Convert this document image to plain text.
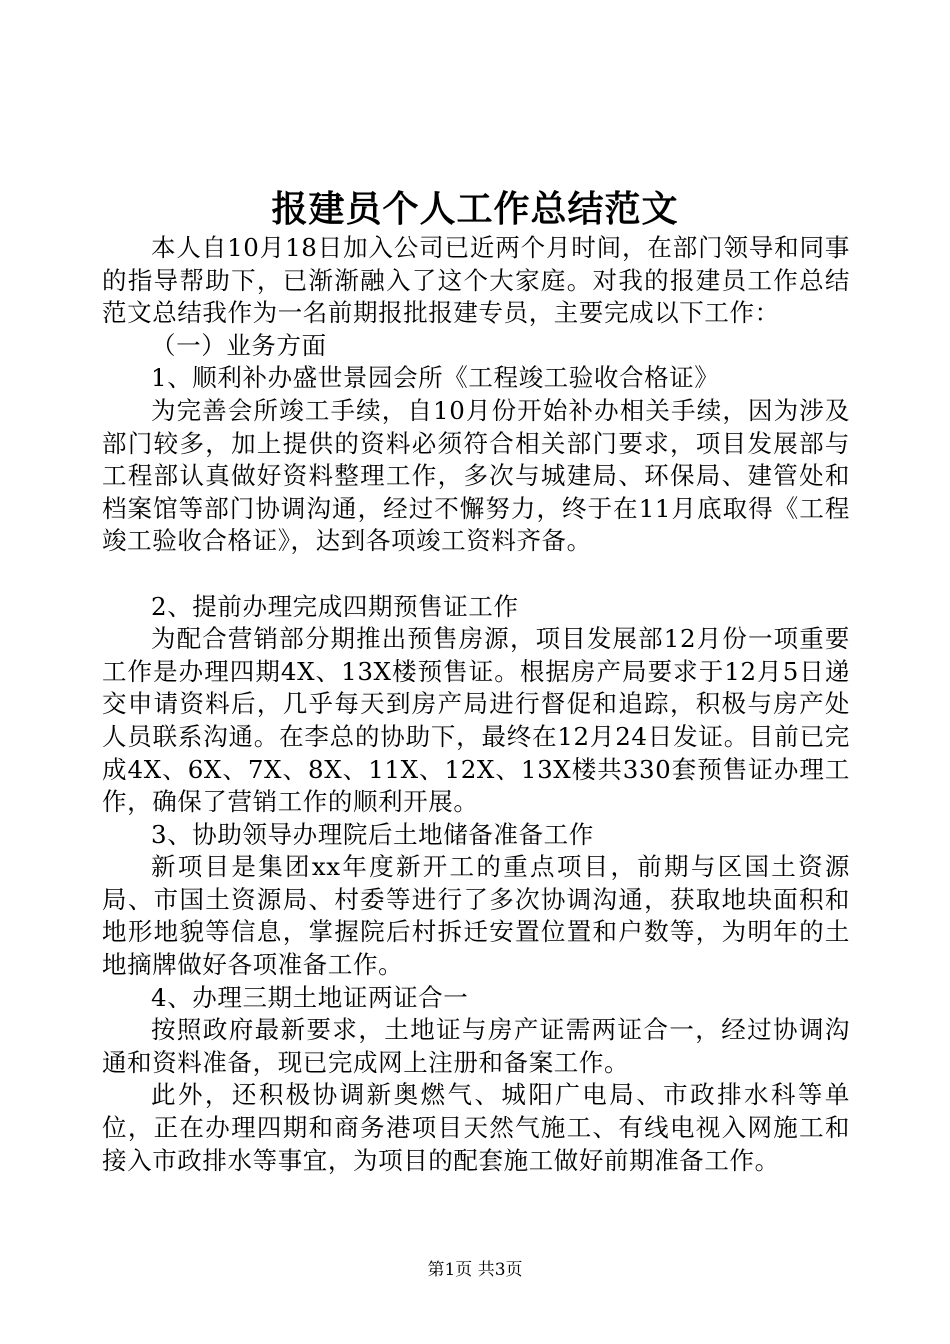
报建员个人工作总结范文

本人自10月18日加入公司已近两个月时间，在部门领导和同事的指导帮助下，已渐渐融入了这个大家庭。对我的报建员工作总结范文总结我作为一名前期报批报建专员，主要完成以下工作：

（一）业务方面

1、顺利补办盛世景园会所《工程竣工验收合格证》

为完善会所竣工手续，自10月份开始补办相关手续，因为涉及部门较多，加上提供的资料必须符合相关部门要求，项目发展部与工程部认真做好资料整理工作，多次与城建局、环保局、建管处和档案馆等部门协调沟通，经过不懈努力，终于在11月底取得《工程竣工验收合格证》，达到各项竣工资料齐备。

2、提前办理完成四期预售证工作

为配合营销部分期推出预售房源，项目发展部12月份一项重要工作是办理四期4X、13X楼预售证。根据房产局要求于12月5日递交申请资料后，几乎每天到房产局进行督促和追踪，积极与房产处人员联系沟通。在李总的协助下，最终在12月24日发证。目前已完成4X、6X、7X、8X、11X、12X、13X楼共330套预售证办理工作，确保了营销工作的顺利开展。

3、协助领导办理院后土地储备准备工作

新项目是集团xx年度新开工的重点项目，前期与区国土资源局、市国土资源局、村委等进行了多次协调沟通，获取地块面积和地形地貌等信息，掌握院后村拆迁安置位置和户数等，为明年的土地摘牌做好各项准备工作。

4、办理三期土地证两证合一

按照政府最新要求，土地证与房产证需两证合一，经过协调沟通和资料准备，现已完成网上注册和备案工作。

此外，还积极协调新奥燃气、城阳广电局、市政排水科等单位，正在办理四期和商务港项目天然气施工、有线电视入网施工和接入市政排水等事宜，为项目的配套施工做好前期准备工作。

第1页 共3页
